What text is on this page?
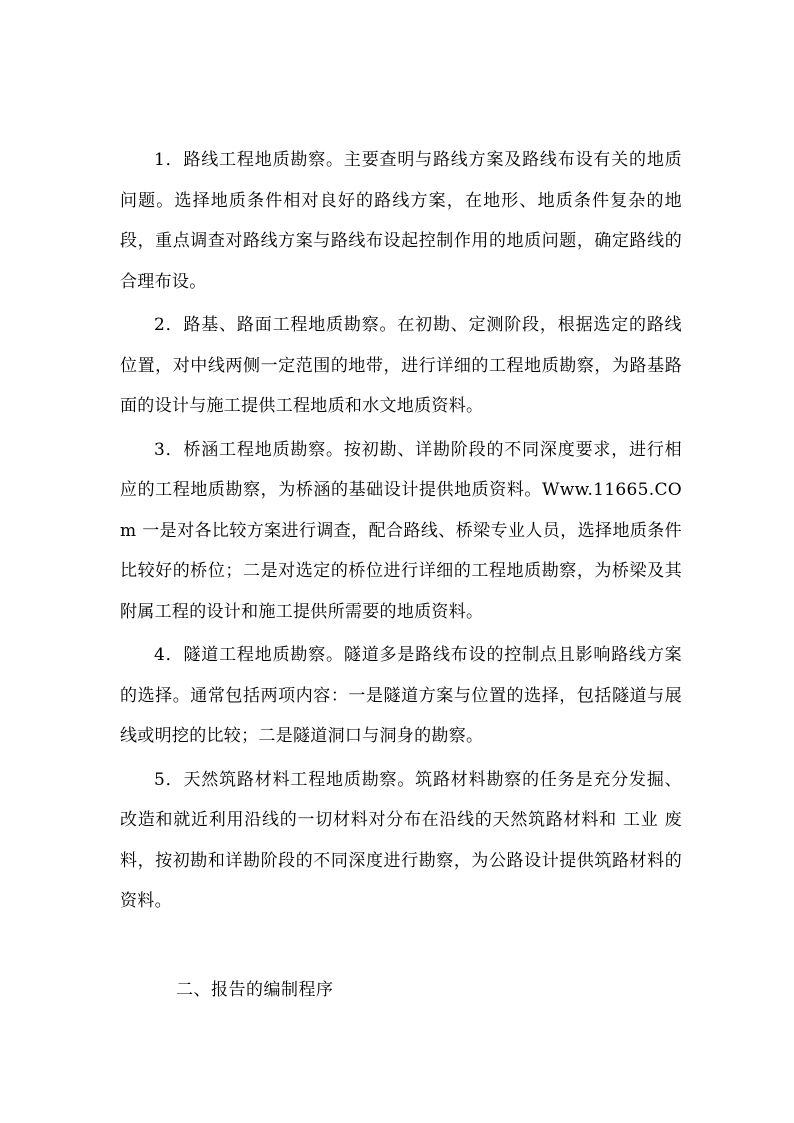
1．路线工程地质勘察。主要查明与路线方案及路线布设有关的地质问题。选择地质条件相对良好的路线方案，在地形、地质条件复杂的地段，重点调查对路线方案与路线布设起控制作用的地质问题，确定路线的合理布设。

2．路基、路面工程地质勘察。在初勘、定测阶段，根据选定的路线位置，对中线两侧一定范围的地带，进行详细的工程地质勘察，为路基路面的设计与施工提供工程地质和水文地质资料。

3．桥涵工程地质勘察。按初勘、详勘阶段的不同深度要求，进行相应的工程地质勘察，为桥涵的基础设计提供地质资料。Www.11665.COm 一是对各比较方案进行调查，配合路线、桥梁专业人员，选择地质条件比较好的桥位；二是对选定的桥位进行详细的工程地质勘察，为桥梁及其附属工程的设计和施工提供所需要的地质资料。

4．隧道工程地质勘察。隧道多是路线布设的控制点且影响路线方案的选择。通常包括两项内容：一是隧道方案与位置的选择，包括隧道与展线或明挖的比较；二是隧道洞口与洞身的勘察。

5．天然筑路材料工程地质勘察。筑路材料勘察的任务是充分发掘、改造和就近利用沿线的一切材料对分布在沿线的天然筑路材料和 工业 废料，按初勘和详勘阶段的不同深度进行勘察，为公路设计提供筑路材料的资料。

二、报告的编制程序
